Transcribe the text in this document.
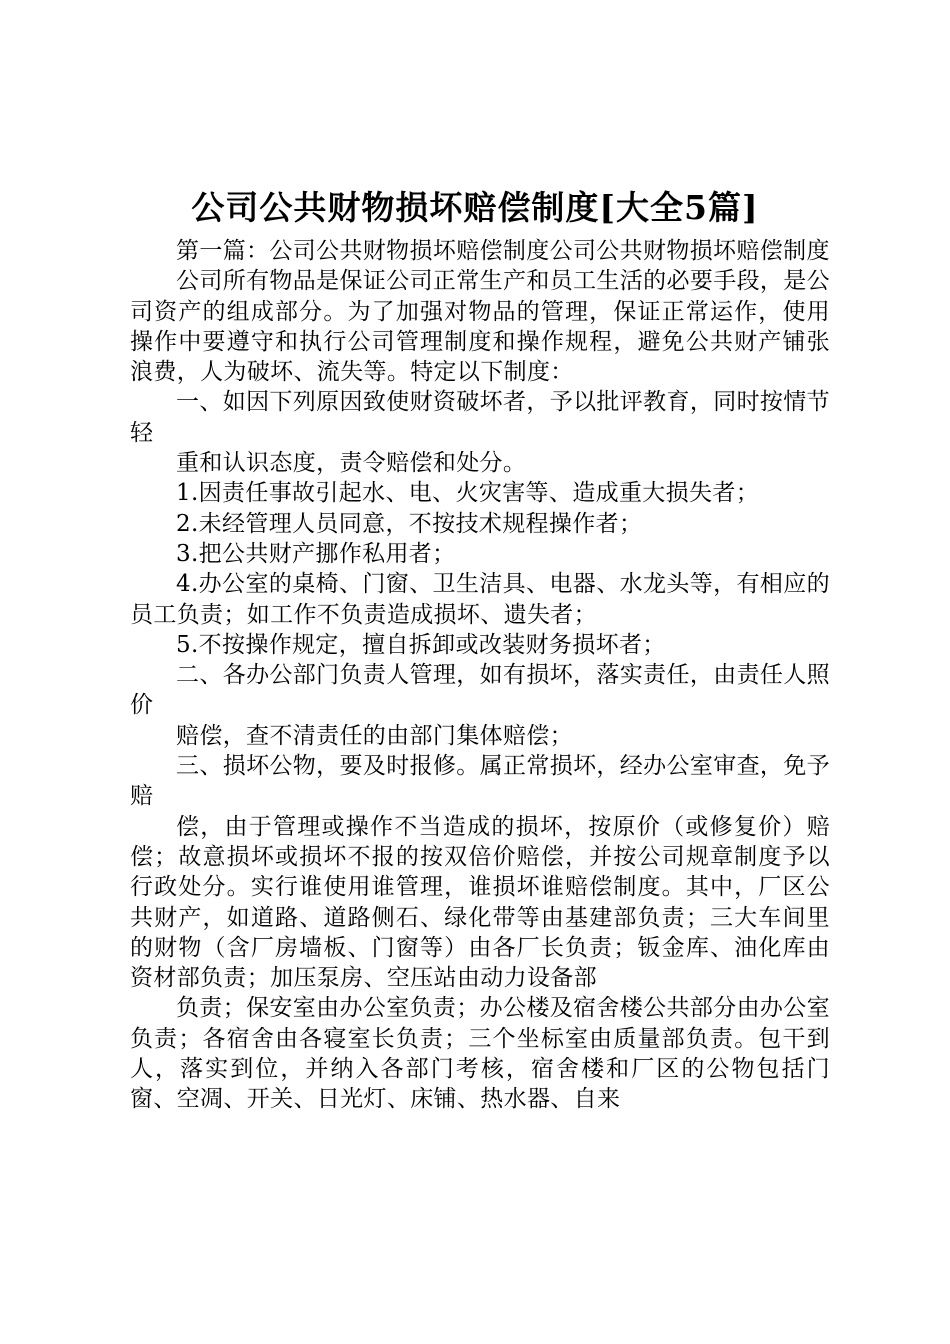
公司公共财物损坏赔偿制度[大全5篇]

第一篇：公司公共财物损坏赔偿制度公司公共财物损坏赔偿制度

公司所有物品是保证公司正常生产和员工生活的必要手段，是公司资产的组成部分。为了加强对物品的管理，保证正常运作，使用操作中要遵守和执行公司管理制度和操作规程，避免公共财产铺张浪费，人为破坏、流失等。特定以下制度：

一、如因下列原因致使财资破坏者，予以批评教育，同时按情节轻

重和认识态度，责令赔偿和处分。

1.因责任事故引起水、电、火灾害等、造成重大损失者；

2.未经管理人员同意，不按技术规程操作者；

3.把公共财产挪作私用者；

4.办公室的桌椅、门窗、卫生洁具、电器、水龙头等，有相应的员工负责；如工作不负责造成损坏、遗失者；

5.不按操作规定，擅自拆卸或改装财务损坏者；

二、各办公部门负责人管理，如有损坏，落实责任，由责任人照价

赔偿，查不清责任的由部门集体赔偿；

三、损坏公物，要及时报修。属正常损坏，经办公室审查，免予赔

偿，由于管理或操作不当造成的损坏，按原价（或修复价）赔偿；故意损坏或损坏不报的按双倍价赔偿，并按公司规章制度予以行政处分。实行谁使用谁管理，谁损坏谁赔偿制度。其中，厂区公共财产，如道路、道路侧石、绿化带等由基建部负责；三大车间里的财物（含厂房墙板、门窗等）由各厂长负责；钣金库、油化库由资材部负责；加压泵房、空压站由动力设备部

负责；保安室由办公室负责；办公楼及宿舍楼公共部分由办公室负责；各宿舍由各寝室长负责；三个坐标室由质量部负责。包干到人，落实到位，并纳入各部门考核，宿舍楼和厂区的公物包括门窗、空凋、开关、日光灯、床铺、热水器、自来
